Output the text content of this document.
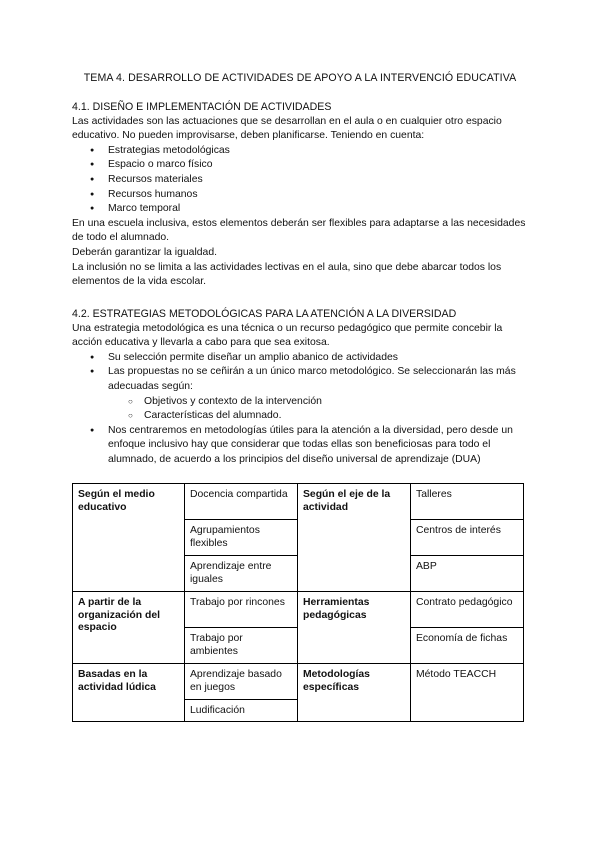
TEMA 4. DESARROLLO DE ACTIVIDADES DE APOYO A LA INTERVENCIÓ EDUCATIVA
4.1. DISEÑO E IMPLEMENTACIÓN DE ACTIVIDADES

Las actividades son las actuaciones que se desarrollan en el aula o en cualquier otro espacio educativo. No pueden improvisarse, deben planificarse. Teniendo en cuenta:

● Estrategias metodológicas
● Espacio o marco físico
● Recursos materiales
● Recursos humanos
● Marco temporal

En una escuela inclusiva, estos elementos deberán ser flexibles para adaptarse a las necesidades de todo el alumnado.

Deberán garantizar la igualdad.

La inclusión no se limita a las actividades lectivas en el aula, sino que debe abarcar todos los elementos de la vida escolar.

4.2. ESTRATEGIAS METODOLÓGICAS PARA LA ATENCIÓN A LA DIVERSIDAD

Una estrategia metodológica es una técnica o un recurso pedagógico que permite concebir la acción educativa y llevarla a cabo para que sea exitosa.

● Su selección permite diseñar un amplio abanico de actividades
● Las propuestas no se ceñirán a un único marco metodológico. Se seleccionarán las más adecuadas según:
○ Objetivos y contexto de la intervención
○ Características del alumnado.
● Nos centraremos en metodologías útiles para la atención a la diversidad, pero desde un enfoque inclusivo hay que considerar que todas ellas son beneficiosas para todo el alumnado, de acuerdo a los principios del diseño universal de aprendizaje (DUA)
Según el medio educativo	Docencia compartida	Según el eje de la actividad	Talleres
	Agrupamientos flexibles		Centros de interés
	Aprendizaje entre iguales		ABP
A partir de la organización del espacio	Trabajo por rincones	Herramientas pedagógicas	Contrato pedagógico
	Trabajo por ambientes		Economía de fichas
Basadas en la actividad lúdica	Aprendizaje basado en juegos	Metodologías específicas	Método TEACCH
	Ludificación		
